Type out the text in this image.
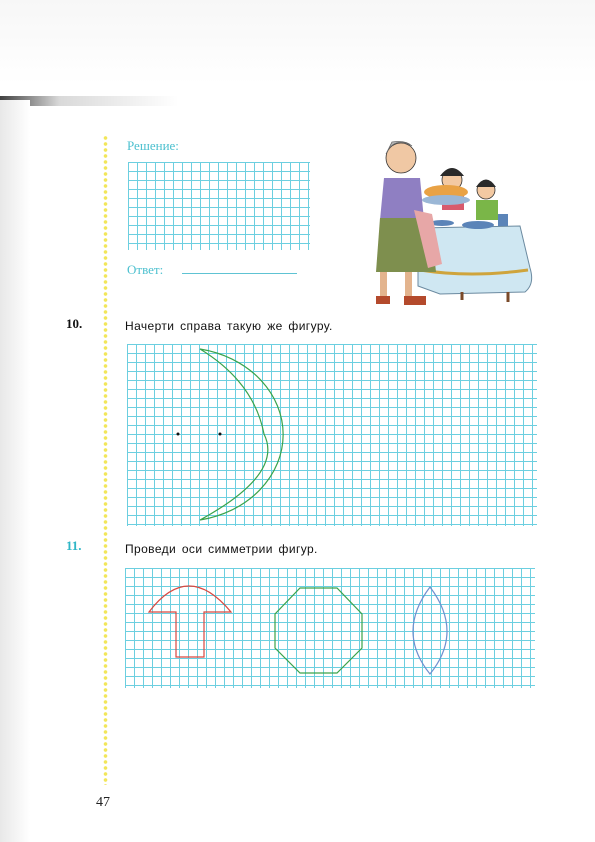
Решение:
Ответ:
10.	Начерти справа такую же фигуру.
11.	Проведи оси симметрии фигур.
47
